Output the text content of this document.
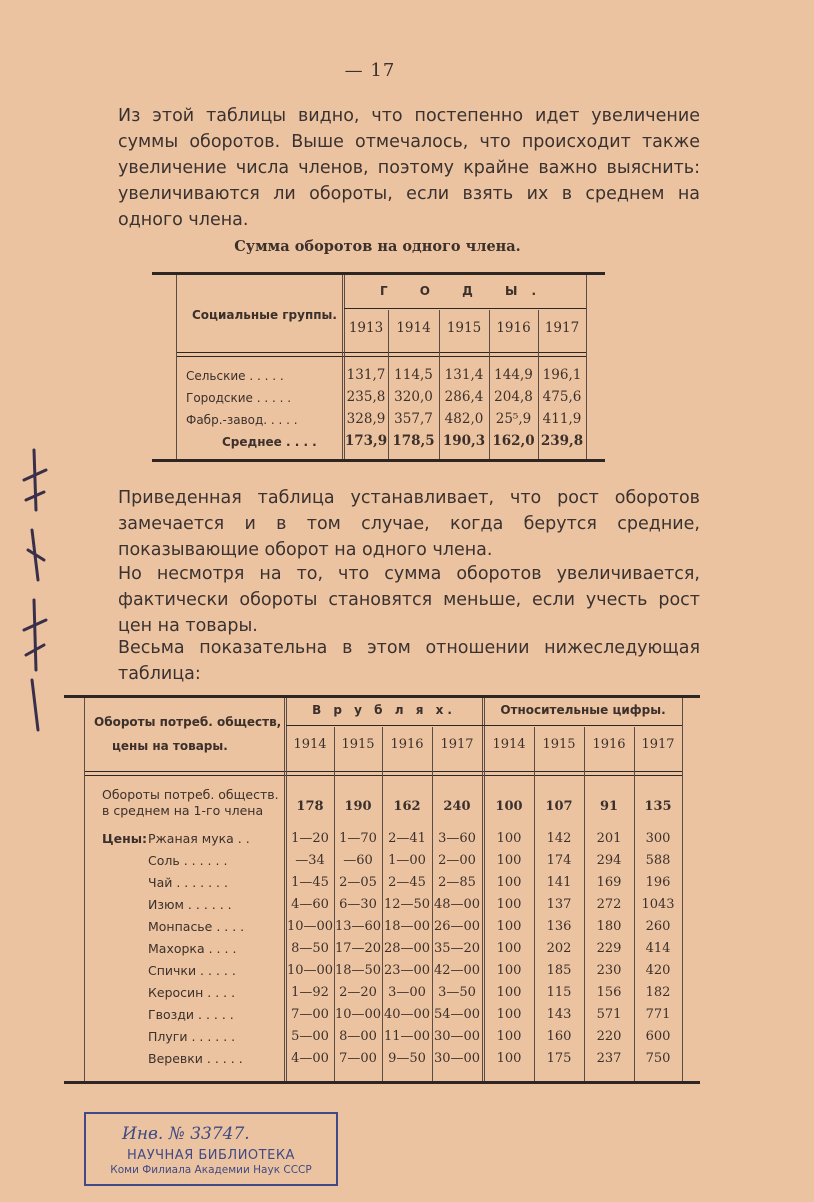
— 17
Из этой таблицы видно, что постепенно идет увеличение суммы оборотов. Выше отмечалось, что происходит также увеличение числа членов, поэтому крайне важно выяснить: увеличиваются ли обороты, если взять их в среднем на одного члена.
Сумма оборотов на одного члена.
Социальные группы.
Г О Д Ы.
1913 1914	1915	1916	1917
Сельские . . . . .	131,7 114,5 131,4 144,9 196,1
Городские . . . . .	235,8 320,0 286,4 204,8 475,6
Фабр.-завод. . . . .	328,9 357,7 482,0 25⁵,9 411,9
Среднее . . . . 173,9 178,5 190,3 162,0 239,8
Приведенная таблица устанавливает, что рост оборотов замечается и в том случае, когда берутся средние, показывающие оборот на одного члена.
Но несмотря на то, что сумма оборотов увеличивается, фактически обороты становятся меньше, если учесть рост цен на товары.
Весьма показательна в этом отношении нижеследующая таблица:
Обороты потреб. обществ,
цены на товары.
В р у б л я х.	Относительные цифры.
1914	1915	1916	1917	1914	1915	1916	1917
Обороты потреб. обществ.
в среднем на 1-го члена	178	190	162	240	100	107	91	135
Цены: Ржаная мука . .	1—20 1—70 2—41 3—60	100	142	201	300
Соль . . . . . .	—34	—60	1—00 2—00	100	174	294	588
Чай . . . . . . .	1—45 2—05 2—45 2—85	100	141	169	196
Изюм . . . . . .	4—60 6—30 12—50 48—00	100	137	272	1043
Монпасье . . . .	10—00 13—60 18—00 26—00	100	136	180	260
Махорка . . . .	8—50 17—20 28—00 35—20	100	202	229	414
Спички . . . . .	10—00 18—50 23—00 42—00	100	185	230	420
Керосин . . . .	1—92 2—20 3—00 3—50	100	115	156	182
Гвозди . . . . .	7—00 10—00 40—00 54—00	100	143	571	771
Плуги . . . . . .	5—00 8—00 11—00 30—00	100	160	220	600
Веревки . . . . .	4—00 7—00 9—50 30—00	100	175	237	750
Инв. № 33747.
НАУЧНАЯ БИБЛИОТЕКА
Коми Филиала Академии Наук СССР
